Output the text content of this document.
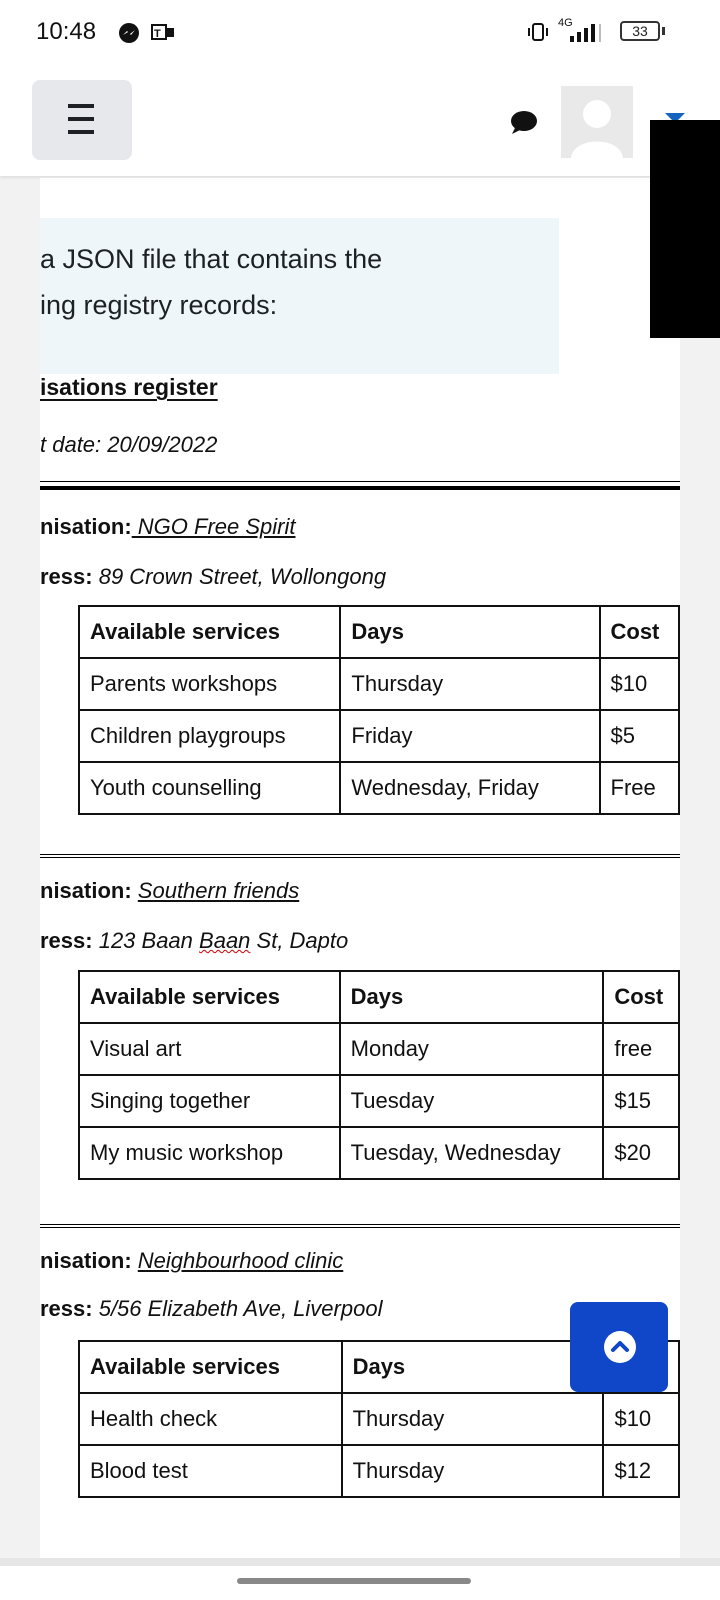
10:48	T
4G	33
a JSON file that contains the
ing registry records:
isations register
t date: 20/09/2022
nisation: NGO Free Spirit
ress: 89 Crown Street, Wollongong
Available services	Days	Cost
Parents workshops	Thursday	$10
Children playgroups	Friday	$5
Youth counselling	Wednesday, Friday	Free
nisation: Southern friends
ress: 123 Baan Baan St, Dapto
Available services	Days	Cost
Visual art	Monday	free
Singing together	Tuesday	$15
My music workshop	Tuesday, Wednesday	$20
nisation: Neighbourhood clinic
ress: 5/56 Elizabeth Ave, Liverpool
Available services	Days	
Health check	Thursday	$10
Blood test	Thursday	$12
